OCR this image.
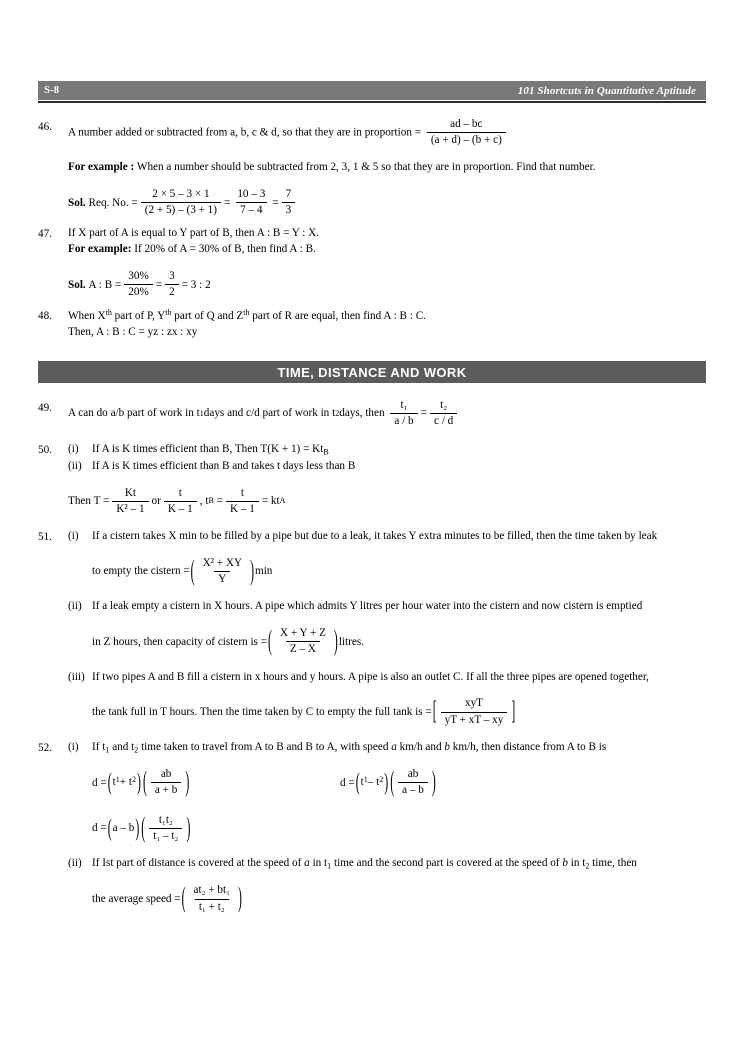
S-8	101 Shortcuts in Quantitative Aptitude
46.	A number added or subtracted from a, b, c & d, so that they are in proportion = $\frac{ad - bc}{(a + d) - (b + c)}$
For example : When a number should be subtracted from 2, 3, 1 & 5 so that they are in proportion. Find that number.
Sol.
Req. No. = $\frac{2 \times 5 - 3 \times 1}{(2 + 5) - (3 + 1)} = \frac{10 - 3}{7 - 4} = \frac{7}{3}$
47.	If X part of A is equal to Y part of B, then A : B = Y : X.
For example: If 20% of A = 30% of B, then find A : B.
Sol.
A : $B = \frac{30\%}{20\%} = \frac{3}{2} = 3$ : 2
48.	When Xth part of P, $Y^{th}$ part of Q and $Z^{th}$ part of R are equal, then find A : B : C.
Then, A : B : C = yz : zx : xy
TIME, DISTANCE AND WORK
49.	A can do a/b part of work in t 1 days and c/d part of work in t 2 days, then
$\frac{\text{t₁}}{a / b} = \frac{\text{t₂}}{c / d}$
50.	(i)	If A is K times efficient than B, Then $T(K + 1) = Kt_B$
(ii) If A is K times efficient than B and takes t days less than B
Then $T = \frac{Kt}{\text{K² – 1}}$ or $\frac{t}{K - 1}$ , t B
= $\frac{t}{K - 1}$ = kt A
51.	(i)	If a cistern takes X min to be filled by a pipe but due to a leak, it takes Y extra minutes to be filled, then the time taken by leak
to empty the cistern = ( $\frac{\text{X² + XY}}{Y}$ ) min
(ii) If a leak empty a cistern in X hours. A pipe which admits Y litres per hour water into the cistern and now cistern is emptied
in Z hours, then capacity of cistern is = ( $\frac{X + Y + Z}{Z - X}$ ) litres.
(iii) If two pipes A and B fill a cistern in x hours and y hours. A pipe is also an outlet C. If all the three pipes are opened together,
the tank full in T hours. Then the time taken by C to empty the full tank is = [ $\frac{\text{xyT}}{yT + xT - xy}$ ]
52.	(i)	If $t_1$ and $t_2$ time taken to travel from A to B and B to A, with speed a km/h and b km/h, then distance from A to B is
d = ( t 1 + t 2 ) ( $\frac{ab}{a + b}$ )	d = ( t 1 – t 2 ) ( $\frac{ab}{a - b}$ )
d = ( a – b ) ( $\frac{\text{t₁t₂}}{\text{t₁ – t₂}}$ )
(ii) If Ist part of distance is covered at the speed of a in $t_1$ time and the second part is covered at the speed of b in $t_2$ time, then
the average speed = ( $\frac{\text{at₂ + bt₁}}{\text{t₁ + t₂}}$ )
